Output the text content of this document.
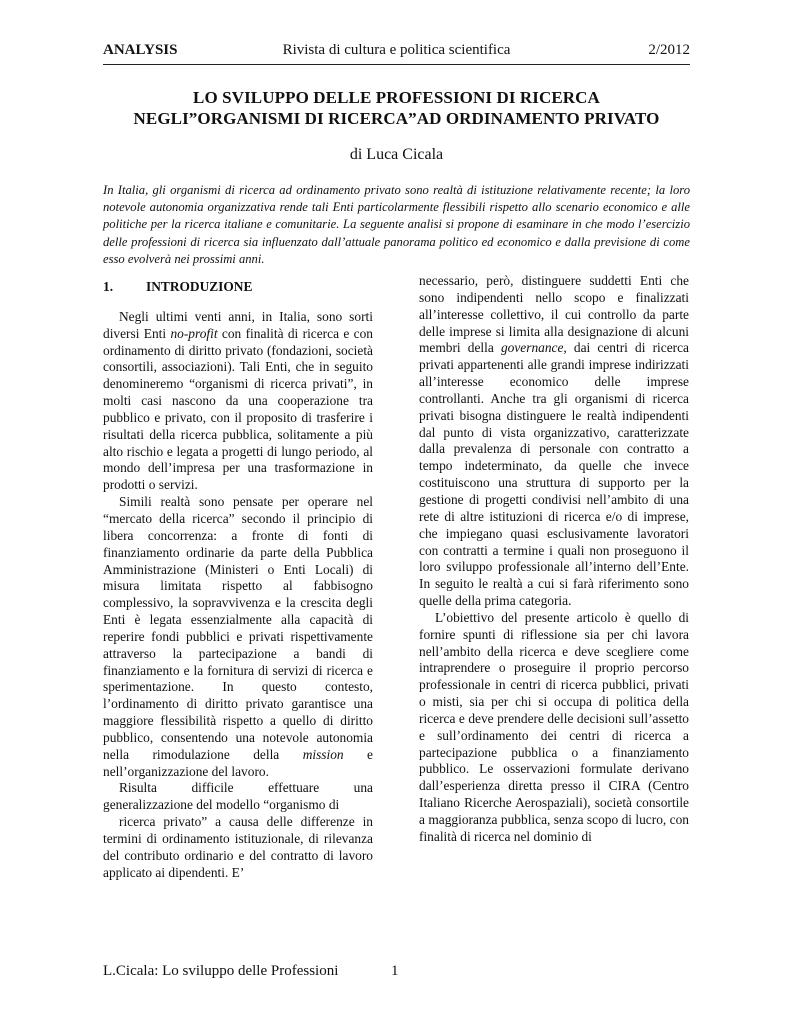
ANALYSIS	Rivista di cultura e politica scientifica	2/2012
LO SVILUPPO DELLE PROFESSIONI DI RICERCA
NEGLI”ORGANISMI DI RICERCA”AD ORDINAMENTO PRIVATO
di Luca Cicala
In Italia, gli organismi di ricerca ad ordinamento privato sono realtà di istituzione relativamente recente; la loro notevole autonomia organizzativa rende tali Enti particolarmente flessibili rispetto allo scenario economico e alle politiche per la ricerca italiane e comunitarie. La seguente analisi si propone di esaminare in che modo l’esercizio delle professioni di ricerca sia influenzato dall’attuale panorama politico ed economico e dalla previsione di come esso evolverà nei prossimi anni.
1.	INTRODUZIONE

Negli ultimi venti anni, in Italia, sono sorti diversi Enti no-profit con finalità di ricerca e con ordinamento di diritto privato (fondazioni, società consortili, associazioni). Tali Enti, che in seguito denomineremo “organismi di ricerca privati”, in molti casi nascono da una cooperazione tra pubblico e privato, con il proposito di trasferire i risultati della ricerca pubblica, solitamente a più alto rischio e legata a progetti di lungo periodo, al mondo dell’impresa per una trasformazione in prodotti o servizi.

Simili realtà sono pensate per operare nel “mercato della ricerca” secondo il principio di libera concorrenza: a fronte di fonti di finanziamento ordinarie da parte della Pubblica Amministrazione (Ministeri o Enti Locali) di misura limitata rispetto al fabbisogno complessivo, la sopravvivenza e la crescita degli Enti è legata essenzialmente alla capacità di reperire fondi pubblici e privati rispettivamente attraverso la partecipazione a bandi di finanziamento e la fornitura di servizi di ricerca e sperimentazione. In questo contesto, l’ordinamento di diritto privato garantisce una maggiore flessibilità rispetto a quello di diritto pubblico, consentendo una notevole autonomia nella rimodulazione della mission e nell’organizzazione del lavoro.

Risulta difficile effettuare una

generalizzazione del modello “organismo di

ricerca privato” a causa delle differenze in termini di ordinamento istituzionale, di rilevanza del contributo ordinario e del contratto di lavoro applicato ai dipendenti. E’

necessario, però, distinguere suddetti Enti che sono indipendenti nello scopo e finalizzati all’interesse collettivo, il cui controllo da parte delle imprese si limita alla designazione di alcuni membri della governance, dai centri di ricerca privati appartenenti alle grandi imprese indirizzati all’interesse economico delle imprese controllanti. Anche tra gli organismi di ricerca privati bisogna distinguere le realtà indipendenti dal punto di vista organizzativo, caratterizzate dalla prevalenza di personale con contratto a tempo indeterminato, da quelle che invece costituiscono una struttura di supporto per la gestione di progetti condivisi nell’ambito di una rete di altre istituzioni di ricerca e/o di imprese, che impiegano quasi esclusivamente lavoratori con contratti a termine i quali non proseguono il loro sviluppo professionale all’interno dell’Ente. In seguito le realtà a cui si farà riferimento sono quelle della prima categoria.

L’obiettivo del presente articolo è quello di fornire spunti di riflessione sia per chi lavora nell’ambito della ricerca e deve scegliere come intraprendere o proseguire il proprio percorso professionale in centri di ricerca pubblici, privati o misti, sia per chi si occupa di politica della ricerca e deve prendere delle decisioni sull’assetto e sull’ordinamento dei centri di ricerca a partecipazione pubblica o a finanziamento pubblico. Le osservazioni formulate derivano dall’esperienza diretta presso il CIRA (Centro Italiano Ricerche Aerospaziali), società consortile a maggioranza pubblica, senza scopo di lucro, con finalità di ricerca nel dominio di

L.Cicala: Lo sviluppo delle Professioni	1
